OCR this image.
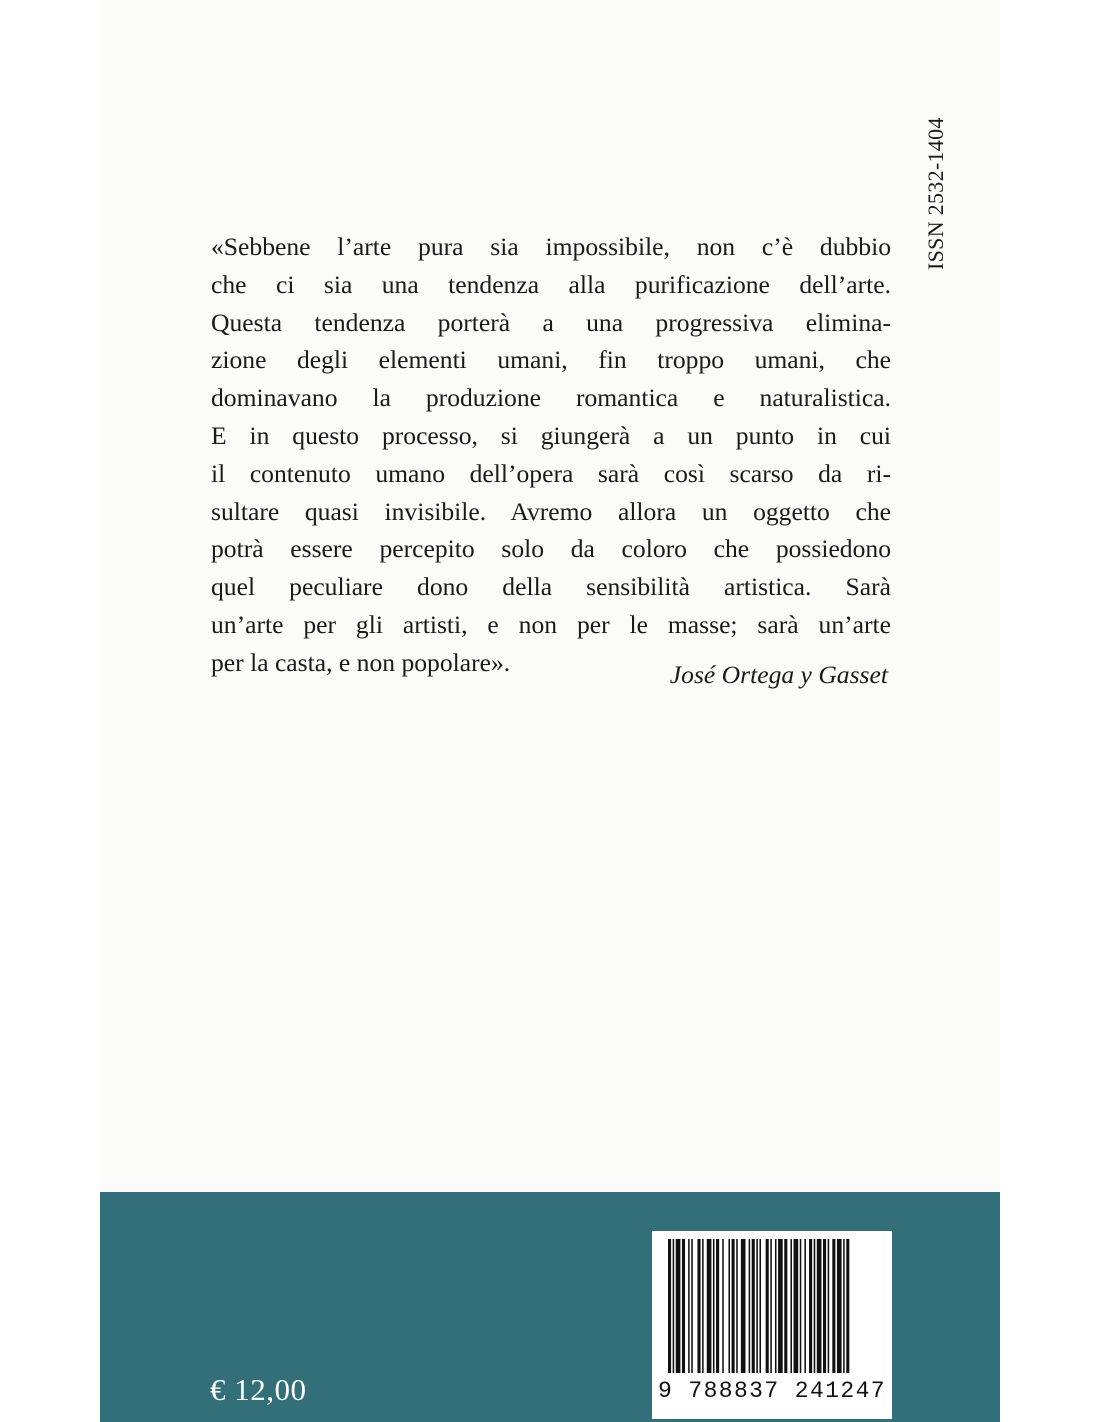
ISSN 2532-1404
«Sebbene l’arte pura sia impossibile, non c’è dubbio
che ci sia una tendenza alla purificazione dell’arte.
Questa tendenza porterà a una progressiva elimina-
zione degli elementi umani, fin troppo umani, che
dominavano la produzione romantica e naturalistica.
E in questo processo, si giungerà a un punto in cui
il contenuto umano dell’opera sarà così scarso da ri-
sultare quasi invisibile. Avremo allora un oggetto che
potrà essere percepito solo da coloro che possiedono
quel peculiare dono della sensibilità artistica. Sarà
un’arte per gli artisti, e non per le masse; sarà un’arte
per la casta, e non popolare».	José Ortega y Gasset
€ 12,00	9 788837 241247
